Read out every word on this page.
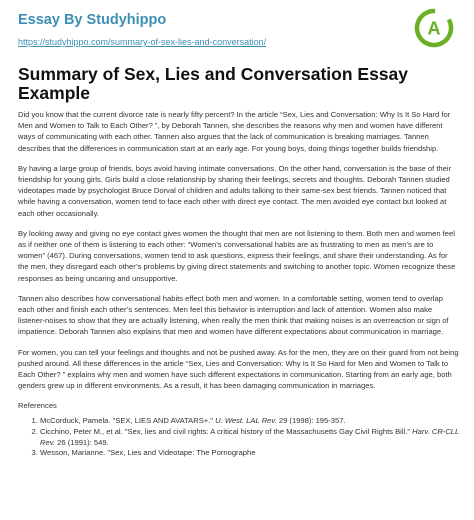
Essay By Studyhippo
https://studyhippo.com/summary-of-sex-lies-and-conversation/
A
Summary of Sex, Lies and Conversation Essay Example

Did you know that the current divorce rate is nearly fifty percent? In the article “Sex, Lies and Conversation: Why Is It So Hard for Men and Women to Talk to Each Other? ”, by Deborah Tannen, she describes the reasons why men and women have different ways of communicating with each other. Tannen also argues that the lack of communication is breaking marriages. Tannen describes that the differences in communication start at an early age. For young boys, doing things together builds friendship.

By having a large group of friends, boys avoid having intimate conversations. On the other hand, conversation is the base of their friendship for young girls. Girls build a close relationship by sharing their feelings, secrets and thoughts. Deborah Tannen studied videotapes made by psychologist Bruce Dorval of children and adults talking to their same-sex best friends. Tannen noticed that while having a conversation, women tend to face each other with direct eye contact. The men avoided eye contact but looked at each other occasionally.

By looking away and giving no eye contact gives women the thought that men are not listening to them. Both men and women feel as if neither one of them is listening to each other: “Women’s conversational habits are as frustrating to men as men’s are to women” (467). During conversations, women tend to ask questions, express their feelings, and share their understanding. As for the men, they disregard each other’s problems by giving direct statements and switching to another topic. Women recognize these responses as being uncaring and unsupportive.

Tannen also describes how conversational habits effect both men and women. In a comfortable setting, women tend to overlap each other and finish each other’s sentences. Men feel this behavior is interruption and lack of attention. Women also make listener-noises to show that they are actually listening, when really the men think that making noises is an overreaction or sign of impatience. Deborah Tannen also explains that men and women have different expectations about communication in marriage.

For women, you can tell your feelings and thoughts and not be pushed away. As for the men, they are on their guard from not being pushed around. All these differences in the article “Sex, Lies and Conversation: Why Is It So Hard for Men and Women to Talk to Each Other? ” explains why men and women have such different expectations in communication. Starting from an early age, both genders grew up in different environments. As a result, it has been damaging communication in marriages.

References
1. McCorduck, Pamela. "SEX, LIES AND AVATARS+." U. West. LAL Rev. 29 (1998): 195-357.
2. Cicchino, Peter M., et al. "Sex, lies and civil rights: A critical history of the Massachusetts Gay Civil Rights Bill." Harv. CR-CLL Rev. 26 (1991): 549.
3. Wesson, Marianne. "Sex, Lies and Videotape: The Pornographe
